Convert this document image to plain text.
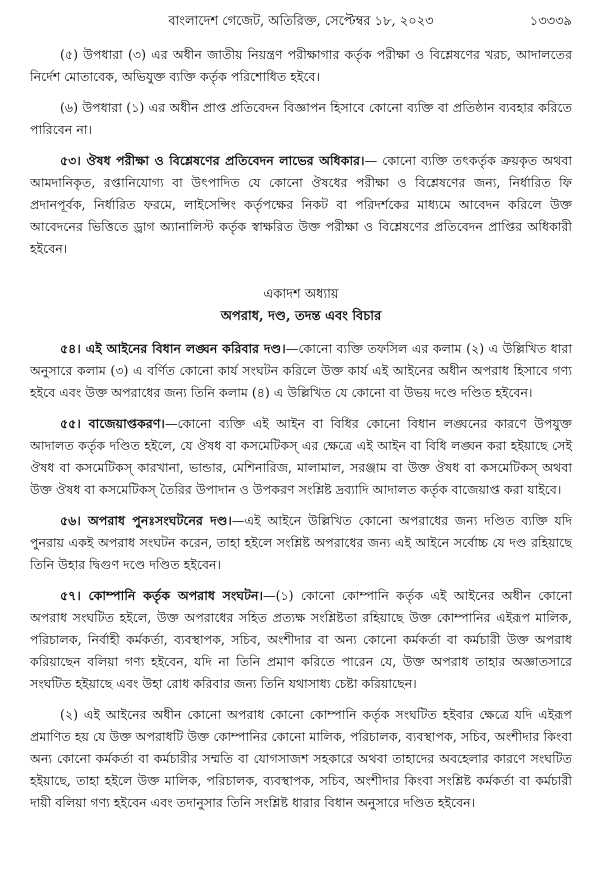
বাংলাদেশ গেজেট, অতিরিক্ত, সেপ্টেম্বর ১৮, ২০২৩	১৩৩৩৯

(৫) উপধারা (৩) এর অধীন জাতীয় নিয়ন্ত্রণ পরীক্ষাগার কর্তৃক পরীক্ষা ও বিশ্লেষণের খরচ, আদালতের নির্দেশ মোতাবেক, অভিযুক্ত ব্যক্তি কর্তৃক পরিশোধিত হইবে।

(৬) উপধারা (১) এর অধীন প্রাপ্ত প্রতিবেদন বিজ্ঞাপন হিসাবে কোনো ব্যক্তি বা প্রতিষ্ঠান ব্যবহার করিতে পারিবেন না।

৫৩। ঔষধ পরীক্ষা ও বিশ্লেষণের প্রতিবেদন লাভের অধিকার।— কোনো ব্যক্তি তৎকর্তৃক ক্রয়কৃত অথবা আমদানিকৃত, রপ্তানিযোগ্য বা উৎপাদিত যে কোনো ঔষধের পরীক্ষা ও বিশ্লেষণের জন্য, নির্ধারিত ফি প্রদানপূর্বক, নির্ধারিত ফরমে, লাইসেন্সিং কর্তৃপক্ষের নিকট বা পরিদর্শকের মাধ্যমে আবেদন করিলে উক্ত আবেদনের ভিত্তিতে ড্রাগ অ্যানালিস্ট কর্তৃক স্বাক্ষরিত উক্ত পরীক্ষা ও বিশ্লেষণের প্রতিবেদন প্রাপ্তির অধিকারী হইবেন।

একাদশ অধ্যায়
অপরাধ, দণ্ড, তদন্ত এবং বিচার

৫৪। এই আইনের বিধান লঙ্ঘন করিবার দণ্ড।—কোনো ব্যক্তি তফসিল এর কলাম (২) এ উল্লিখিত ধারা অনুসারে কলাম (৩) এ বর্ণিত কোনো কার্য সংঘটন করিলে উক্ত কার্য এই আইনের অধীন অপরাধ হিসাবে গণ্য হইবে এবং উক্ত অপরাধের জন্য তিনি কলাম (৪) এ উল্লিখিত যে কোনো বা উভয় দণ্ডে দণ্ডিত হইবেন।

৫৫। বাজেয়াপ্তকরণ।—কোনো ব্যক্তি এই আইন বা বিধির কোনো বিধান লঙ্ঘনের কারণে উপযুক্ত আদালত কর্তৃক দণ্ডিত হইলে, যে ঔষধ বা কসমেটিকস্ এর ক্ষেত্রে এই আইন বা বিধি লঙ্ঘন করা হইয়াছে সেই ঔষধ বা কসমেটিকস্ কারখানা, ভান্ডার, মেশিনারিজ, মালামাল, সরঞ্জাম বা উক্ত ঔষধ বা কসমেটিকস্ অথবা উক্ত ঔষধ বা কসমেটিকস্ তৈরির উপাদান ও উপকরণ সংশ্লিষ্ট দ্রব্যাদি আদালত কর্তৃক বাজেয়াপ্ত করা যাইবে।

৫৬। অপরাধ পুনঃসংঘটনের দণ্ড।—এই আইনে উল্লিখিত কোনো অপরাধের জন্য দণ্ডিত ব্যক্তি যদি পুনরায় একই অপরাধ সংঘটন করেন, তাহা হইলে সংশ্লিষ্ট অপরাধের জন্য এই আইনে সর্বোচ্চ যে দণ্ড রহিয়াছে তিনি উহার দ্বিগুণ দণ্ডে দণ্ডিত হইবেন।

৫৭। কোম্পানি কর্তৃক অপরাধ সংঘটন।—(১) কোনো কোম্পানি কর্তৃক এই আইনের অধীন কোনো অপরাধ সংঘটিত হইলে, উক্ত অপরাধের সহিত প্রত্যক্ষ সংশ্লিষ্টতা রহিয়াছে উক্ত কোম্পানির এইরূপ মালিক, পরিচালক, নির্বাহী কর্মকর্তা, ব্যবস্থাপক, সচিব, অংশীদার বা অন্য কোনো কর্মকর্তা বা কর্মচারী উক্ত অপরাধ করিয়াছেন বলিয়া গণ্য হইবেন, যদি না তিনি প্রমাণ করিতে পারেন যে, উক্ত অপরাধ তাহার অজ্ঞাতসারে সংঘটিত হইয়াছে এবং উহা রোধ করিবার জন্য তিনি যথাসাধ্য চেষ্টা করিয়াছেন।

(২) এই আইনের অধীন কোনো অপরাধ কোনো কোম্পানি কর্তৃক সংঘটিত হইবার ক্ষেত্রে যদি এইরূপ প্রমাণিত হয় যে উক্ত অপরাধটি উক্ত কোম্পানির কোনো মালিক, পরিচালক, ব্যবস্থাপক, সচিব, অংশীদার কিংবা অন্য কোনো কর্মকর্তা বা কর্মচারীর সম্মতি বা যোগসাজশ সহকারে অথবা তাহাদের অবহেলার কারণে সংঘটিত হইয়াছে, তাহা হইলে উক্ত মালিক, পরিচালক, ব্যবস্থাপক, সচিব, অংশীদার কিংবা সংশ্লিষ্ট কর্মকর্তা বা কর্মচারী দায়ী বলিয়া গণ্য হইবেন এবং তদানুসার তিনি সংশ্লিষ্ট ধারার বিধান অনুসারে দণ্ডিত হইবেন।
